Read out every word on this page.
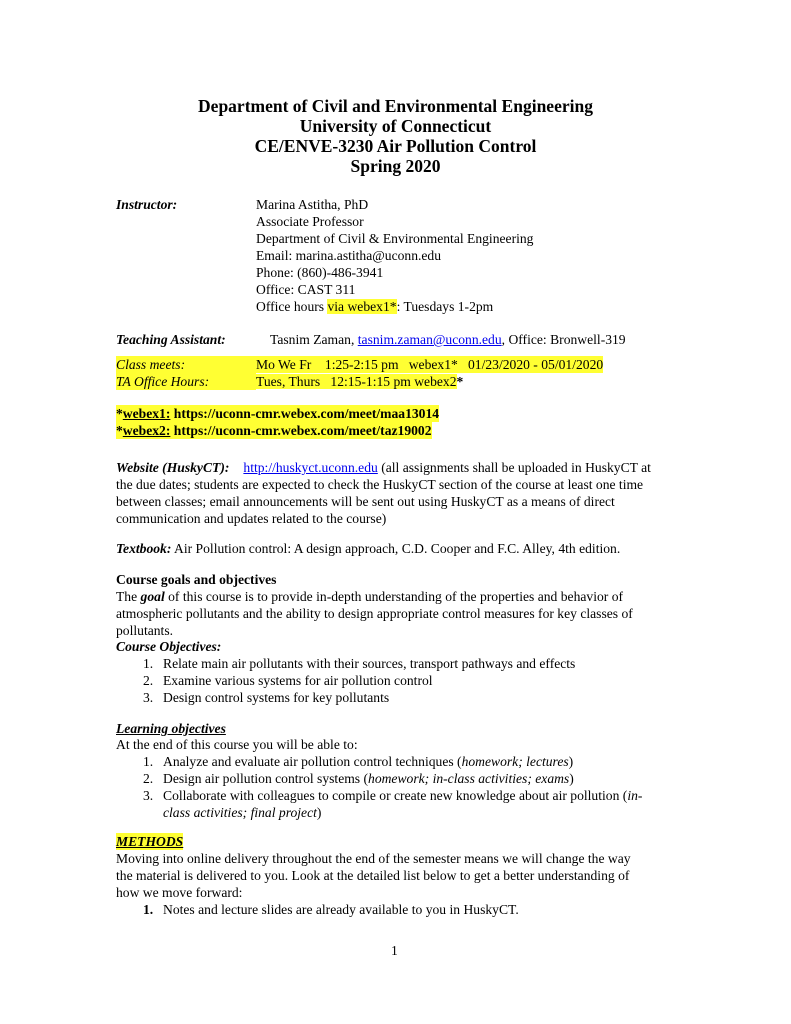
Department of Civil and Environmental Engineering
University of Connecticut
CE/ENVE-3230 Air Pollution Control
Spring 2020
Instructor:	Marina Astitha, PhD
Associate Professor
Department of Civil & Environmental Engineering
Email: marina.astitha@uconn.edu
Phone: (860)-486-3941
Office: CAST 311
Office hours via webex1*: Tuesdays 1-2pm
Teaching Assistant:	Tasnim Zaman, tasnim.zaman@uconn.edu, Office: Bronwell-319
Class meets:	Mo We Fr    1:25-2:15 pm   webex1*   01/23/2020 - 05/01/2020
TA Office Hours:	Tues, Thurs   12:15-1:15 pm webex2*
*webex1: https://uconn-cmr.webex.com/meet/maa13014
*webex2: https://uconn-cmr.webex.com/meet/taz19002
Website (HuskyCT): http://huskyct.uconn.edu (all assignments shall be uploaded in HuskyCT at
the due dates; students are expected to check the HuskyCT section of the course at least one time
between classes; email announcements will be sent out using HuskyCT as a means of direct
communication and updates related to the course)
Textbook: Air Pollution control: A design approach, C.D. Cooper and F.C. Alley, 4th edition.
Course goals and objectives
The goal of this course is to provide in-depth understanding of the properties and behavior of
atmospheric pollutants and the ability to design appropriate control measures for key classes of
pollutants.
Course Objectives:
1. Relate main air pollutants with their sources, transport pathways and effects
2. Examine various systems for air pollution control
3. Design control systems for key pollutants
Learning objectives
At the end of this course you will be able to:
1. Analyze and evaluate air pollution control techniques (homework; lectures)
2. Design air pollution control systems (homework; in-class activities; exams)
3. Collaborate with colleagues to compile or create new knowledge about air pollution (in-
class activities; final project)
METHODS
Moving into online delivery throughout the end of the semester means we will change the way
the material is delivered to you. Look at the detailed list below to get a better understanding of
how we move forward:
1. Notes and lecture slides are already available to you in HuskyCT.
1
